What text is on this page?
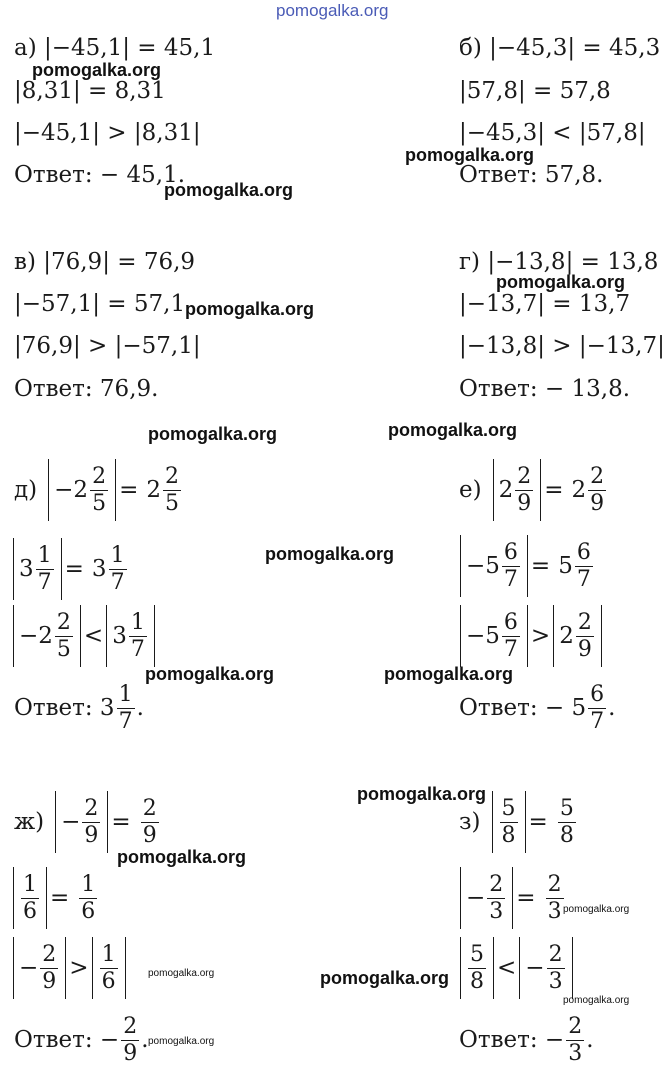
pomogalka.org
а) |−45,1| = 45,1
|8,31| = 8,31
|−45,1| > |8,31|
Ответ: − 45,1.
б) |−45,3| = 45,3
|57,8| = 57,8
|−45,3| < |57,8|
Ответ: 57,8.
в) |76,9| = 76,9
|−57,1| = 57,1
|76,9| > |−57,1|
Ответ: 76,9.
г) |−13,8| = 13,8
|−13,7| = 13,7
|−13,8| > |−13,7|
Ответ: − 13,8.
$д) - 2 \frac{2}{5} = 2 \frac{2}{5}$
$3 \frac{1}{7} = 3 \frac{1}{7}$
− $2 \frac{2}{5} < 3 \frac{1}{7}$
Ответ: $3 \frac{1}{7}$ .
е) $2 \frac{2}{9} = 2 \frac{2}{9}$
− $5 \frac{6}{7} = 5 \frac{6}{7}$
− $5 \frac{6}{7} > 2 \frac{2}{9}$
Ответ: − $5 \frac{6}{7}$ .
$ж) - \frac{2}{9} = \frac{2}{9}$
$\frac{1}{6} = \frac{1}{6}$
− $\frac{2}{9} > \frac{1}{6}$
Ответ: − $\frac{2}{9}$ .
$з) \frac{5}{8} = \frac{5}{8}$
− $\frac{2}{3} = \frac{2}{3}$
$\frac{5}{8}$ < − $\frac{2}{3}$
Ответ: − $\frac{2}{3}$ .
pomogalka.org
pomogalka.org
pomogalka.org
pomogalka.org
pomogalka.org
pomogalka.org	pomogalka.org
pomogalka.org
pomogalka.org	pomogalka.org
pomogalka.org
pomogalka.org
pomogalka.org
pomogalka.org
pomogalka.org
pomogalka.org
pomogalka.org
